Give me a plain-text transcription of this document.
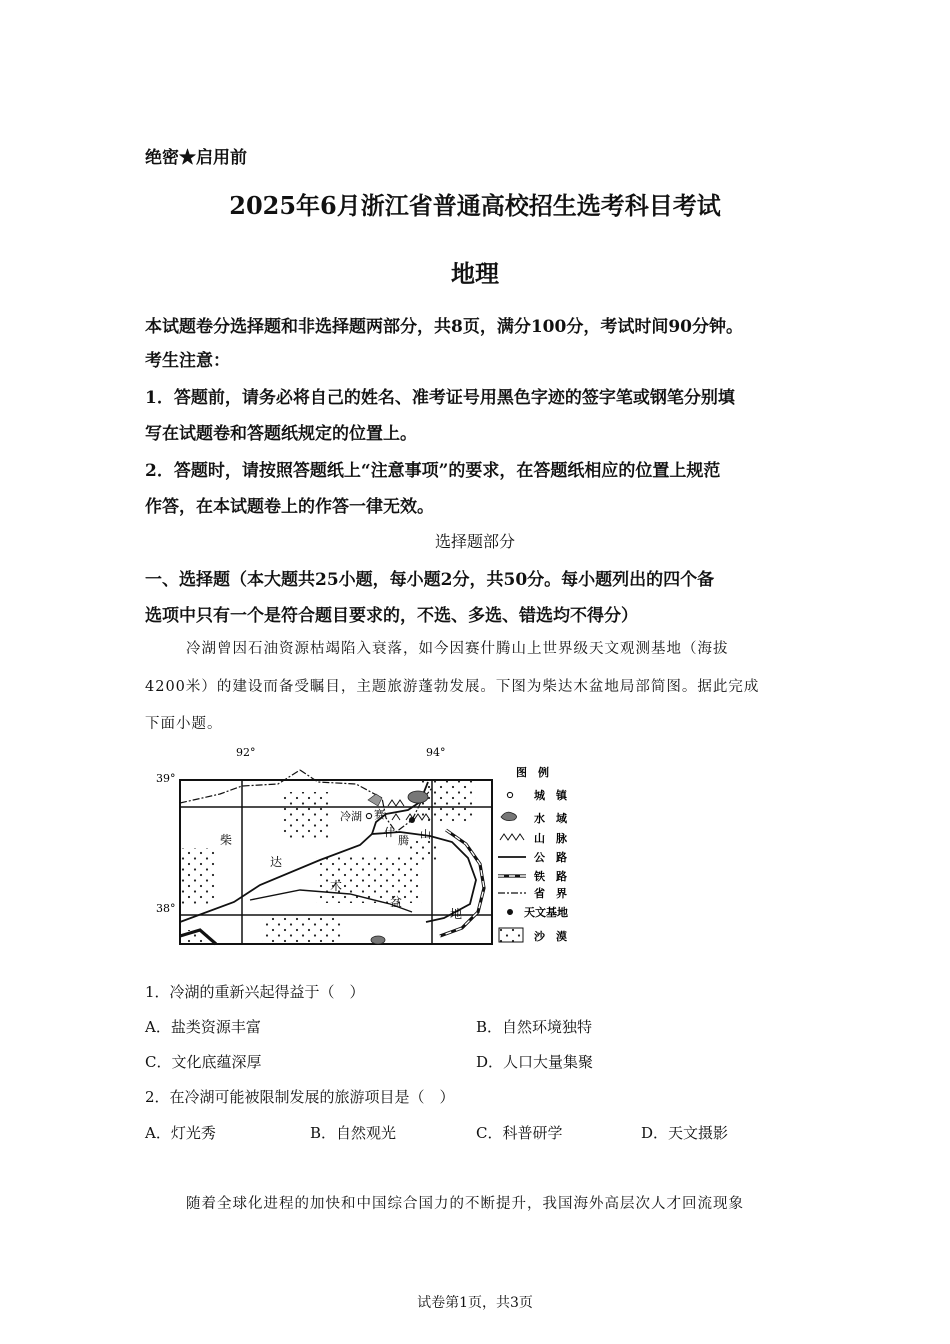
绝密★启用前
2025年6月浙江省普通高校招生选考科目考试
地理
本试题卷分选择题和非选择题两部分，共8页，满分100分，考试时间90分钟。
考生注意：
1．答题前，请务必将自己的姓名、准考证号用黑色字迹的签字笔或钢笔分别填
写在试题卷和答题纸规定的位置上。
2．答题时，请按照答题纸上“注意事项”的要求，在答题纸相应的位置上规范
作答，在本试题卷上的作答一律无效。
选择题部分
一、选择题（本大题共25小题，每小题2分，共50分。每小题列出的四个备
选项中只有一个是符合题目要求的，不选、多选、错选均不得分）
冷湖曾因石油资源枯竭陷入衰落，如今因赛什腾山上世界级天文观测基地（海拔
4200米）的建设而备受瞩目，主题旅游蓬勃发展。下图为柴达木盆地局部简图。据此完成
下面小题。
92°	94°
39°
38°
冷湖 赛
什
腾 山
柴
达
木
盆
地
图　例
城　镇
水　域
山　脉
公　路
铁　路
省　界
天文基地
沙　漠
1．冷湖的重新兴起得益于（　）
A．盐类资源丰富	B．自然环境独特
C．文化底蕴深厚	D．人口大量集聚
2．在冷湖可能被限制发展的旅游项目是（　）
A．灯光秀	B．自然观光	C．科普研学	D．天文摄影
随着全球化进程的加快和中国综合国力的不断提升，我国海外高层次人才回流现象
试卷第1页，共3页
